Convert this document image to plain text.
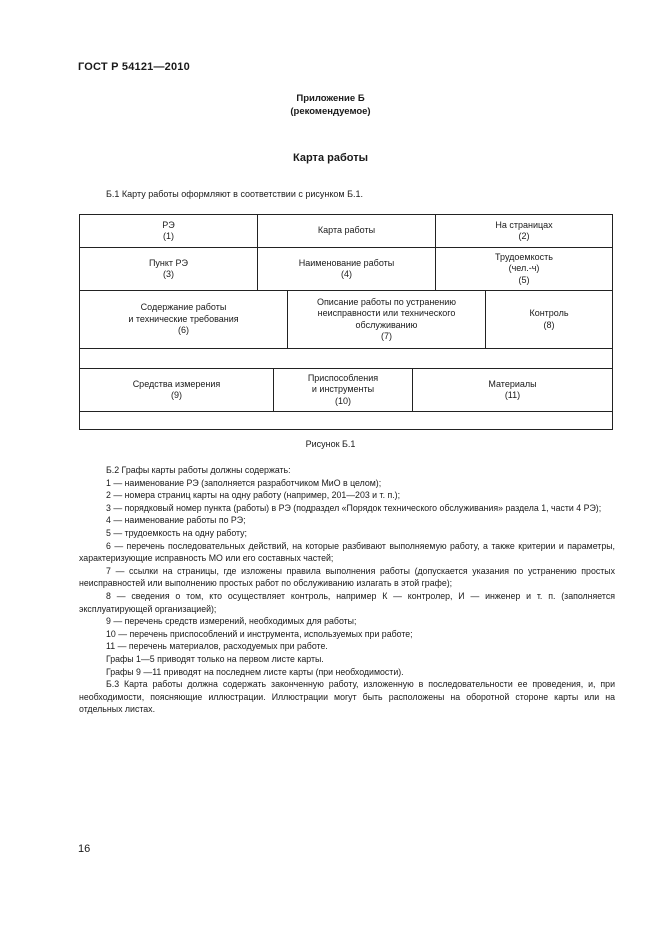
ГОСТ Р 54121—2010
Приложение Б
(рекомендуемое)
Карта работы
Б.1 Карту работы оформляют в соответствии с рисунком Б.1.
РЭ
(1)
Карта работы
На страницах
(2)
Пункт РЭ
(3)
Наименование работы
(4)
Трудоемкость
(чел.-ч)
(5)
Содержание работы
и технические требования
(6)
Описание работы по устранению
неисправности или технического
обслуживанию
(7)
Контроль
(8)
Средства измерения
(9)
Приспособления
и инструменты
(10)
Материалы
(11)
Рисунок Б.1

Б.2 Графы карты работы должны содержать:

1 — наименование РЭ (заполняется разработчиком МиО в целом);

2 — номера страниц карты на одну работу (например, 201—203 и т. п.);

3 — порядковый номер пункта (работы) в РЭ (подраздел «Порядок технического обслуживания» раздела 1, части 4 РЭ);

4 — наименование работы по РЭ;

5 — трудоемкость на одну работу;

6 — перечень последовательных действий, на которые разбивают выполняемую работу, а также критерии и параметры, характеризующие исправность МО или его составных частей;

7 — ссылки на страницы, где изложены правила выполнения работы (допускается указания по устранению простых неисправностей или выполнению простых работ по обслуживанию излагать в этой графе);

8 — сведения о том, кто осуществляет контроль, например К — контролер, И — инженер и т. п. (заполняется эксплуатирующей организацией);

9 — перечень средств измерений, необходимых для работы;

10 — перечень приспособлений и инструмента, используемых при работе;

11 — перечень материалов, расходуемых при работе.

Графы 1—5 приводят только на первом листе карты.

Графы 9 —11 приводят на последнем листе карты (при необходимости).

Б.3 Карта работы должна содержать законченную работу, изложенную в последовательности ее проведения, и, при необходимости, поясняющие иллюстрации. Иллюстрации могут быть расположены на оборотной стороне карты или на отдельных листах.

16
